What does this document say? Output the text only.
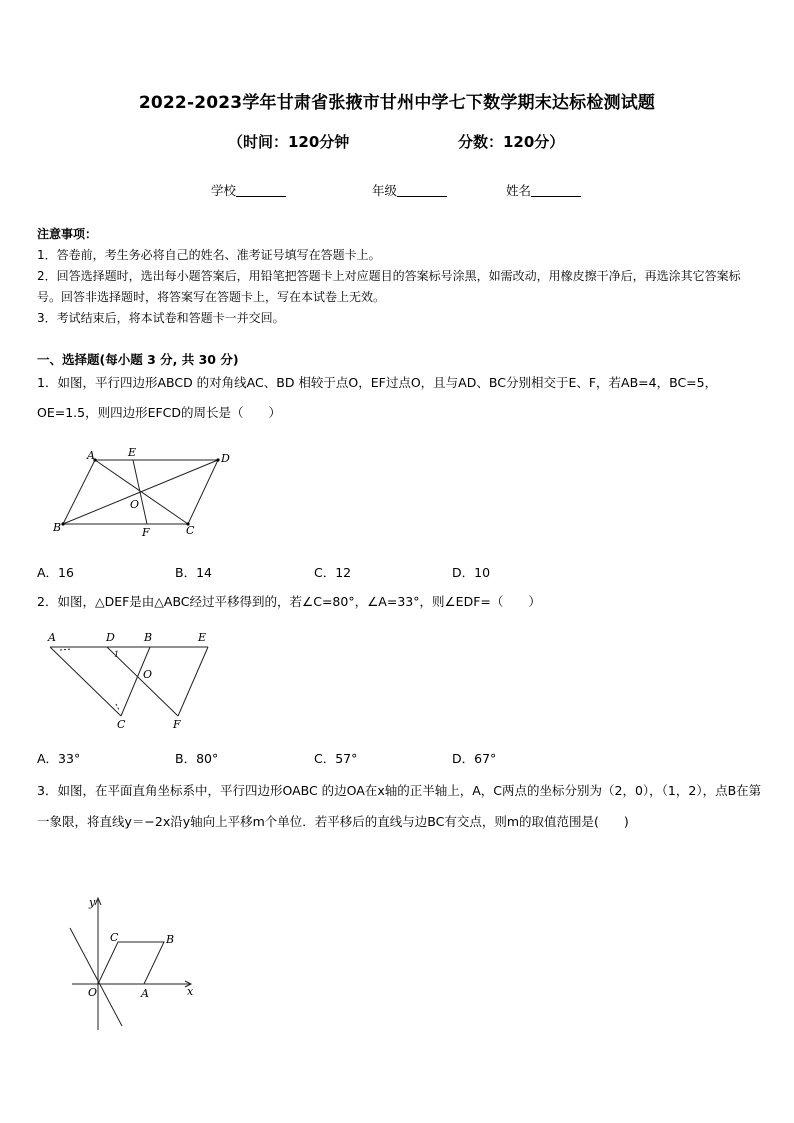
2022-2023学年甘肃省张掖市甘州中学七下数学期末达标检测试题
（时间：120分钟	分数：120分）
学校	年级	姓名
注意事项：
1．答卷前，考生务必将自己的姓名、准考证号填写在答题卡上。
2．回答选择题时，选出每小题答案后，用铅笔把答题卡上对应题目的答案标号涂黑，如需改动，用橡皮擦干净后，再选涂其它答案标号。回答非选择题时，将答案写在答题卡上，写在本试卷上无效。
3．考试结束后，将本试卷和答题卡一并交回。
一、选择题(每小题 3 分, 共 30 分)
1．如图，平行四边形ABCD 的对角线AC、BD 相较于点O，EF过点O，且与AD、BC分别相交于E、F，若AB=4，BC=5，OE=1.5，则四边形EFCD的周长是（　　）
A	E	D
O
B	F	C
A．16	B．14	C．12	D．10
2．如图，△DEF是由△ABC经过平移得到的，若∠C=80°，∠A=33°，则∠EDF=（　　）
A	D	B	E
1
O
C	F
A．33°	B．80°	C．57°	D．67°
3．如图，在平面直角坐标系中，平行四边形OABC 的边OA在x轴的正半轴上，A，C两点的坐标分别为（2，0），（1，2），点B在第一象限，将直线y＝−2x沿y轴向上平移m个单位．若平移后的直线与边BC有交点，则m的取值范围是(　　)
y
x
O	A
B
C
